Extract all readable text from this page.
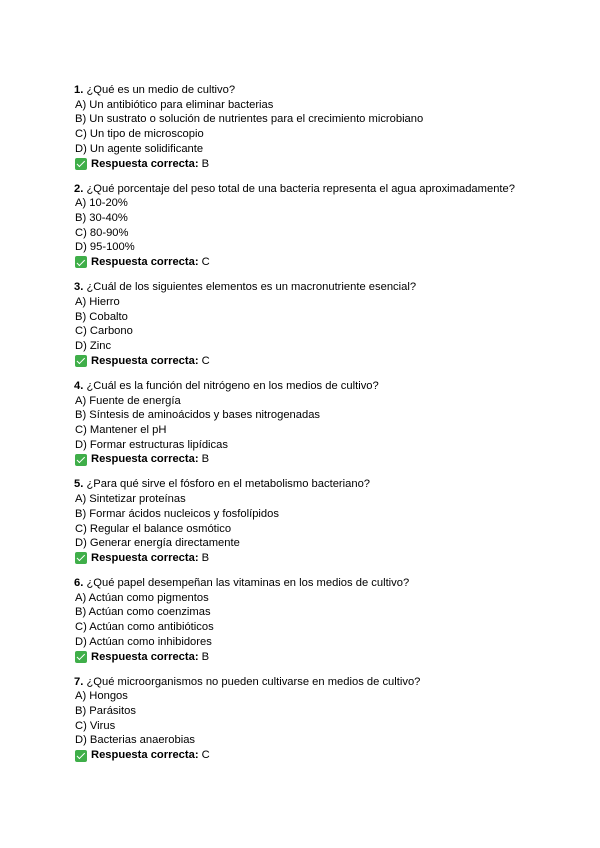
1. ¿Qué es un medio de cultivo?
A) Un antibiótico para eliminar bacterias
B) Un sustrato o solución de nutrientes para el crecimiento microbiano
C) Un tipo de microscopio
D) Un agente solidificante
Respuesta correcta: B
2. ¿Qué porcentaje del peso total de una bacteria representa el agua aproximadamente?
A) 10-20%
B) 30-40%
C) 80-90%
D) 95-100%
Respuesta correcta: C
3. ¿Cuál de los siguientes elementos es un macronutriente esencial?
A) Hierro
B) Cobalto
C) Carbono
D) Zinc
Respuesta correcta: C
4. ¿Cuál es la función del nitrógeno en los medios de cultivo?
A) Fuente de energía
B) Síntesis de aminoácidos y bases nitrogenadas
C) Mantener el pH
D) Formar estructuras lipídicas
Respuesta correcta: B
5. ¿Para qué sirve el fósforo en el metabolismo bacteriano?
A) Sintetizar proteínas
B) Formar ácidos nucleicos y fosfolípidos
C) Regular el balance osmótico
D) Generar energía directamente
Respuesta correcta: B
6. ¿Qué papel desempeñan las vitaminas en los medios de cultivo?
A) Actúan como pigmentos
B) Actúan como coenzimas
C) Actúan como antibióticos
D) Actúan como inhibidores
Respuesta correcta: B
7. ¿Qué microorganismos no pueden cultivarse en medios de cultivo?
A) Hongos
B) Parásitos
C) Virus
D) Bacterias anaerobias
Respuesta correcta: C
